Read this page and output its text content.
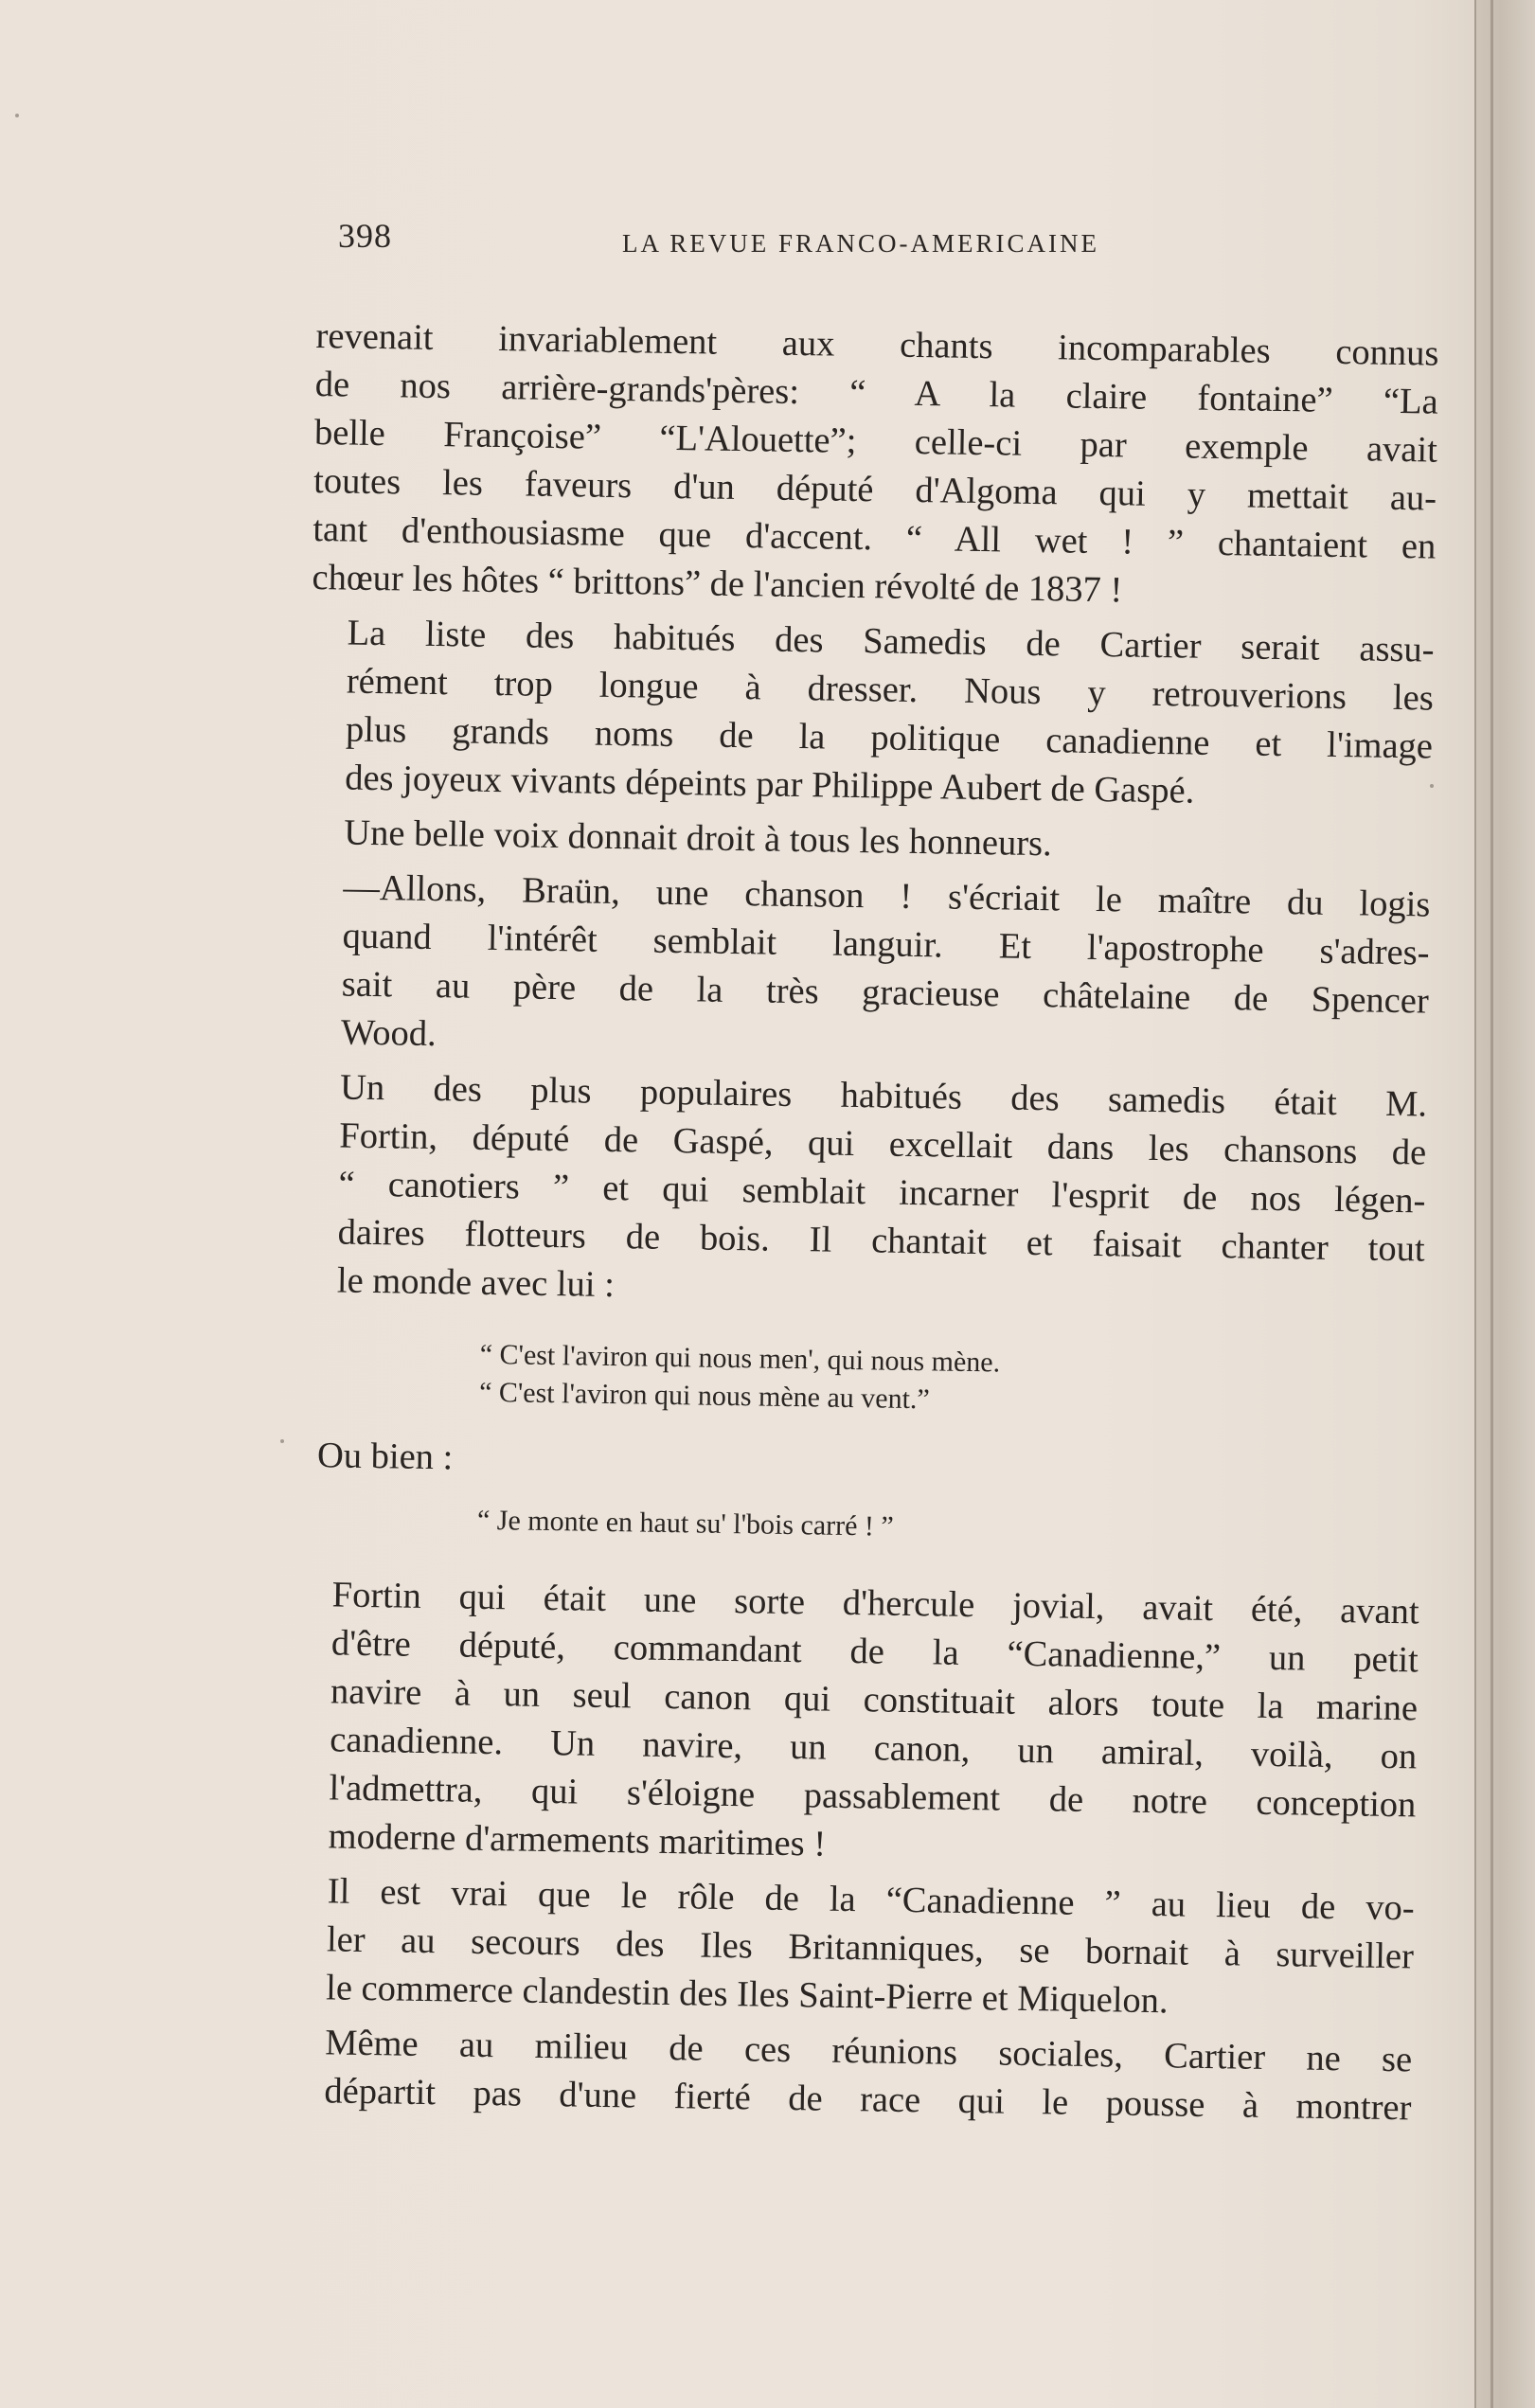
398	LA REVUE FRANCO-AMERICAINE

revenait invariablement aux chants incomparables connus
de nos arrière-grands'pères: “ A la claire fontaine” “La
belle Françoise” “L'Alouette”; celle-ci par exemple avait
toutes les faveurs d'un député d'Algoma qui y mettait au-
tant d'enthousiasme que d'accent. “ All wet ! ” chantaient en
chœur les hôtes “ brittons” de l'ancien révolté de 1837 !

La liste des habitués des Samedis de Cartier serait assu-
rément trop longue à dresser. Nous y retrouverions les
plus grands noms de la politique canadienne et l'image
des joyeux vivants dépeints par Philippe Aubert de Gaspé.

Une belle voix donnait droit à tous les honneurs.

—Allons, Braün, une chanson ! s'écriait le maître du logis
quand l'intérêt semblait languir. Et l'apostrophe s'adres-
sait au père de la très gracieuse châtelaine de Spencer
Wood.

Un des plus populaires habitués des samedis était M.
Fortin, député de Gaspé, qui excellait dans les chansons de
“ canotiers ” et qui semblait incarner l'esprit de nos légen-
daires flotteurs de bois. Il chantait et faisait chanter tout
le monde avec lui :

“ C'est l'aviron qui nous men', qui nous mène.
“ C'est l'aviron qui nous mène au vent.”
Ou bien :
“ Je monte en haut su' l'bois carré ! ”

Fortin qui était une sorte d'hercule jovial, avait été, avant
d'être député, commandant de la “Canadienne,” un petit
navire à un seul canon qui constituait alors toute la marine
canadienne. Un navire, un canon, un amiral, voilà, on
l'admettra, qui s'éloigne passablement de notre conception
moderne d'armements maritimes !

Il est vrai que le rôle de la “Canadienne ” au lieu de vo-
ler au secours des Iles Britanniques, se bornait à surveiller
le commerce clandestin des Iles Saint-Pierre et Miquelon.

Même au milieu de ces réunions sociales, Cartier ne se
départit pas d'une fierté de race qui le pousse à montrer
